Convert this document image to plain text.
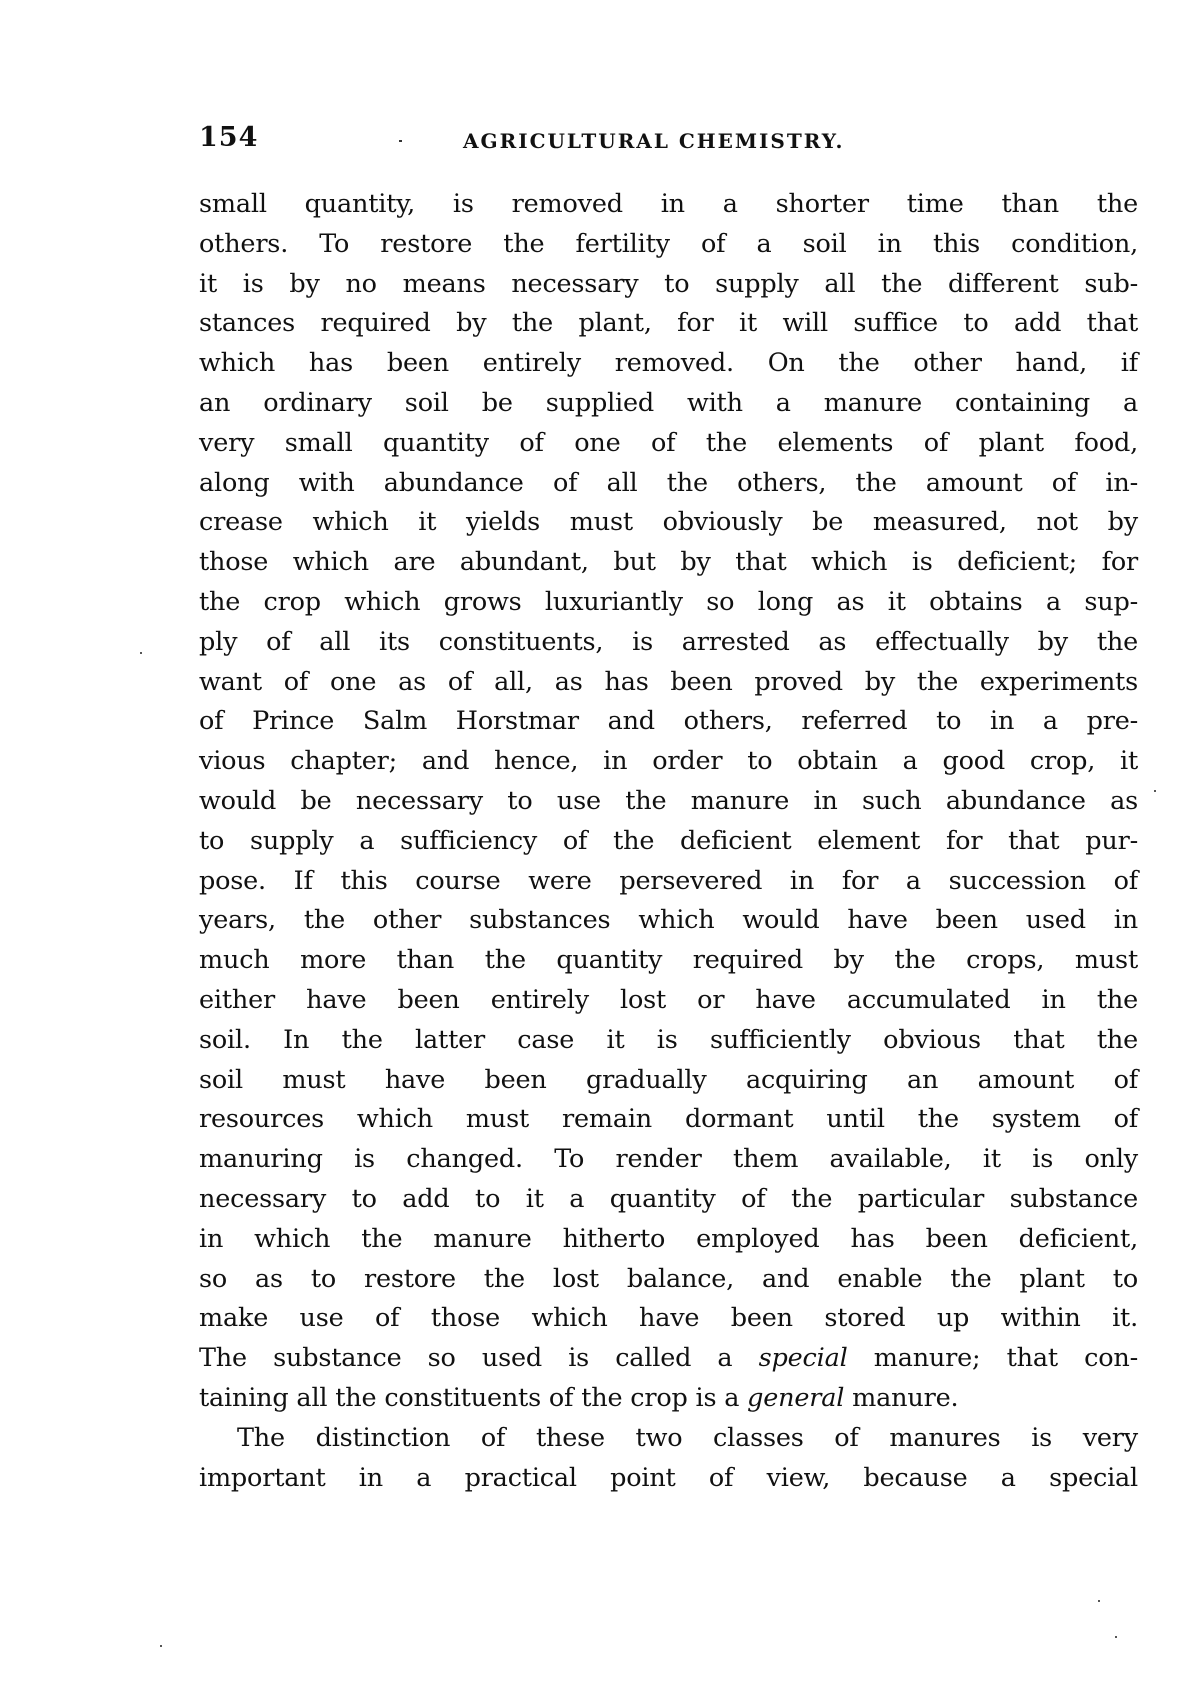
154	AGRICULTURAL CHEMISTRY.
small quantity, is removed in a shorter time than the
others. To restore the fertility of a soil in this condition,
it is by no means necessary to supply all the different sub-
stances required by the plant, for it will suffice to add that
which has been entirely removed. On the other hand, if
an ordinary soil be supplied with a manure containing a
very small quantity of one of the elements of plant food,
along with abundance of all the others, the amount of in-
crease which it yields must obviously be measured, not by
those which are abundant, but by that which is deficient; for
the crop which grows luxuriantly so long as it obtains a sup-
ply of all its constituents, is arrested as effectually by the
want of one as of all, as has been proved by the experiments
of Prince Salm Horstmar and others, referred to in a pre-
vious chapter; and hence, in order to obtain a good crop, it
would be necessary to use the manure in such abundance as
to supply a sufficiency of the deficient element for that pur-
pose. If this course were persevered in for a succession of
years, the other substances which would have been used in
much more than the quantity required by the crops, must
either have been entirely lost or have accumulated in the
soil. In the latter case it is sufficiently obvious that the
soil must have been gradually acquiring an amount of
resources which must remain dormant until the system of
manuring is changed. To render them available, it is only
necessary to add to it a quantity of the particular substance
in which the manure hitherto employed has been deficient,
so as to restore the lost balance, and enable the plant to
make use of those which have been stored up within it.
The substance so used is called a special manure; that con-
taining all the constituents of the crop is a general manure.
The distinction of these two classes of manures is very
important in a practical point of view, because a special
